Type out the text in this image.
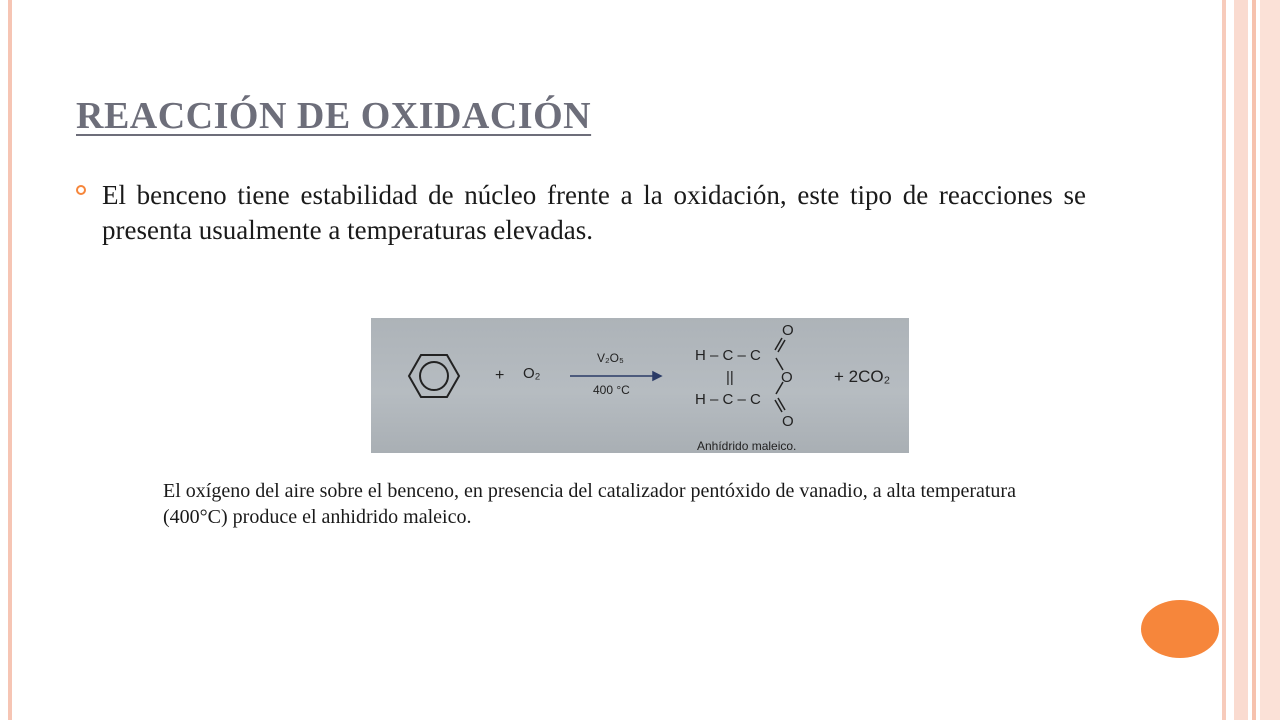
REACCIÓN DE OXIDACIÓN

El benceno tiene estabilidad de núcleo frente a la oxidación, este tipo de reacciones se presenta usualmente a temperaturas elevadas.

+ O₂
V₂O₅
400 °C
H – C – C
||
H – C – C
O
O
O
+ 2CO₂
Anhídrido maleico.

El oxígeno del aire sobre el benceno, en presencia del catalizador pentóxido de vanadio, a alta temperatura (400°C) produce el anhidrido maleico.
